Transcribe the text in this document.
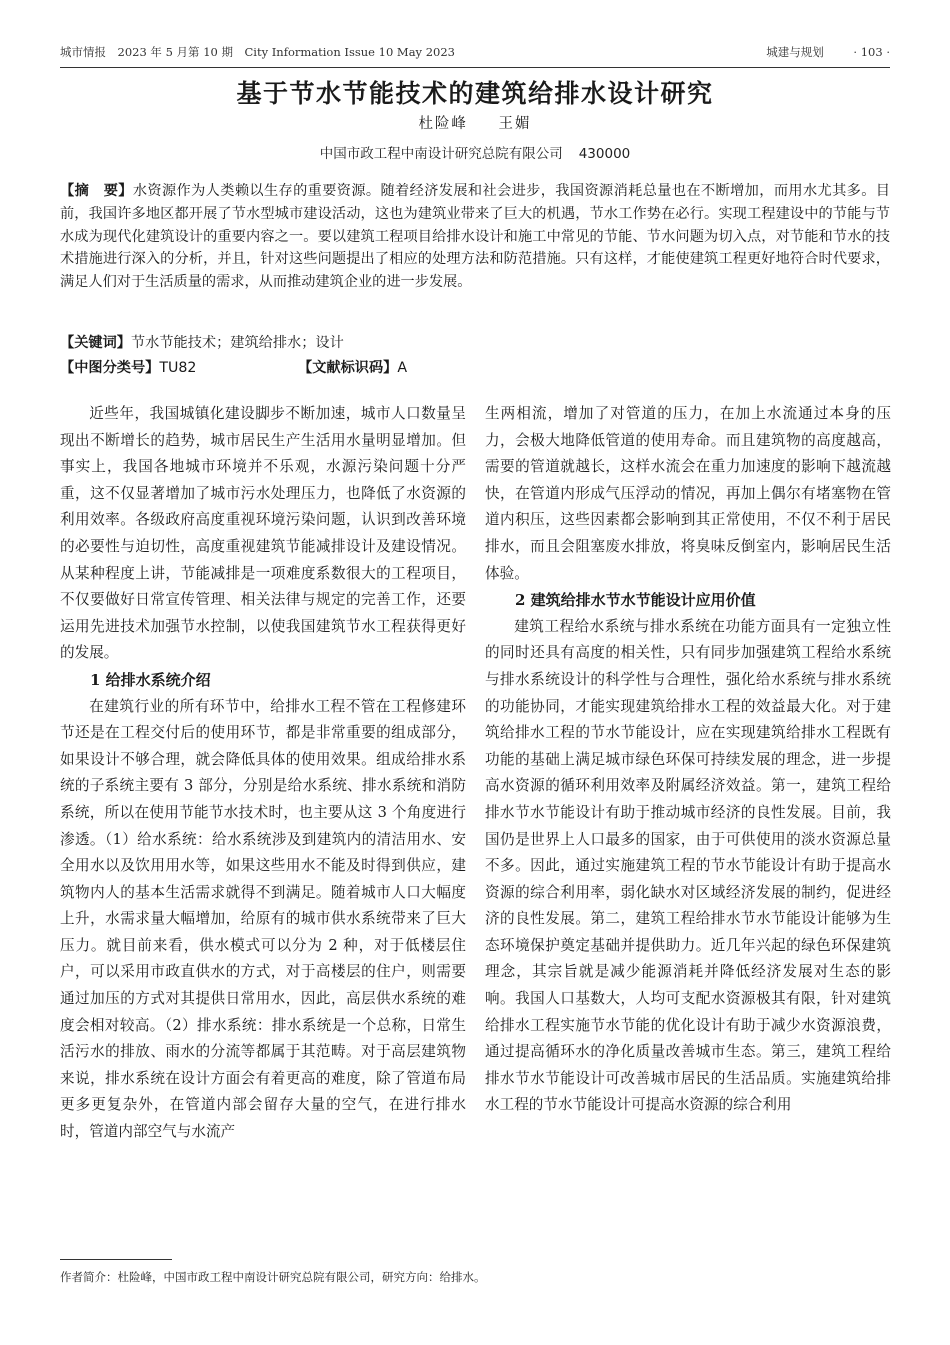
城市情报　2023 年 5 月第 10 期　City Information Issue 10 May 2023	城建与规划	· 103 ·
基于节水节能技术的建筑给排水设计研究
杜险峰 王媚
中国市政工程中南设计研究总院有限公司 430000
【摘　要】水资源作为人类赖以生存的重要资源。随着经济发展和社会进步，我国资源消耗总量也在不断增加，而用水尤其多。目前，我国许多地区都开展了节水型城市建设活动，这也为建筑业带来了巨大的机遇，节水工作势在必行。实现工程建设中的节能与节水成为现代化建筑设计的重要内容之一。要以建筑工程项目给排水设计和施工中常见的节能、节水问题为切入点，对节能和节水的技术措施进行深入的分析，并且，针对这些问题提出了相应的处理方法和防范措施。只有这样，才能使建筑工程更好地符合时代要求，满足人们对于生活质量的需求，从而推动建筑企业的进一步发展。
【关键词】节水节能技术；建筑给排水；设计
【中图分类号】TU82	【文献标识码】A

近些年，我国城镇化建设脚步不断加速，城市人口数量呈现出不断增长的趋势，城市居民生产生活用水量明显增加。但事实上，我国各地城市环境并不乐观，水源污染问题十分严重，这不仅显著增加了城市污水处理压力，也降低了水资源的利用效率。各级政府高度重视环境污染问题，认识到改善环境的必要性与迫切性，高度重视建筑节能减排设计及建设情况。从某种程度上讲，节能减排是一项难度系数很大的工程项目，不仅要做好日常宣传管理、相关法律与规定的完善工作，还要运用先进技术加强节水控制，以使我国建筑节水工程获得更好的发展。

1 给排水系统介绍

在建筑行业的所有环节中，给排水工程不管在工程修建环节还是在工程交付后的使用环节，都是非常重要的组成部分，如果设计不够合理，就会降低具体的使用效果。组成给排水系统的子系统主要有 3 部分，分别是给水系统、排水系统和消防系统，所以在使用节能节水技术时，也主要从这 3 个角度进行渗透。（1）给水系统：给水系统涉及到建筑内的清洁用水、安全用水以及饮用用水等，如果这些用水不能及时得到供应，建筑物内人的基本生活需求就得不到满足。随着城市人口大幅度上升，水需求量大幅增加，给原有的城市供水系统带来了巨大压力。就目前来看，供水模式可以分为 2 种，对于低楼层住户，可以采用市政直供水的方式，对于高楼层的住户，则需要通过加压的方式对其提供日常用水，因此，高层供水系统的难度会相对较高。（2）排水系统：排水系统是一个总称，日常生活污水的排放、雨水的分流等都属于其范畴。对于高层建筑物来说，排水系统在设计方面会有着更高的难度，除了管道布局更多更复杂外，在管道内部会留存大量的空气，在进行排水时，管道内部空气与水流产

生两相流，增加了对管道的压力，在加上水流通过本身的压力，会极大地降低管道的使用寿命。而且建筑物的高度越高，需要的管道就越长，这样水流会在重力加速度的影响下越流越快，在管道内形成气压浮动的情况，再加上偶尔有堵塞物在管道内积压，这些因素都会影响到其正常使用，不仅不利于居民排水，而且会阻塞废水排放，将臭味反倒室内，影响居民生活体验。

2 建筑给排水节水节能设计应用价值

建筑工程给水系统与排水系统在功能方面具有一定独立性的同时还具有高度的相关性，只有同步加强建筑工程给水系统与排水系统设计的科学性与合理性，强化给水系统与排水系统的功能协同，才能实现建筑给排水工程的效益最大化。对于建筑给排水工程的节水节能设计，应在实现建筑给排水工程既有功能的基础上满足城市绿色环保可持续发展的理念，进一步提高水资源的循环利用效率及附属经济效益。第一，建筑工程给排水节水节能设计有助于推动城市经济的良性发展。目前，我国仍是世界上人口最多的国家，由于可供使用的淡水资源总量不多。因此，通过实施建筑工程的节水节能设计有助于提高水资源的综合利用率，弱化缺水对区域经济发展的制约，促进经济的良性发展。第二，建筑工程给排水节水节能设计能够为生态环境保护奠定基础并提供助力。近几年兴起的绿色环保建筑理念，其宗旨就是减少能源消耗并降低经济发展对生态的影响。我国人口基数大，人均可支配水资源极其有限，针对建筑给排水工程实施节水节能的优化设计有助于减少水资源浪费，通过提高循环水的净化质量改善城市生态。第三，建筑工程给排水节水节能设计可改善城市居民的生活品质。实施建筑给排水工程的节水节能设计可提高水资源的综合利用

作者简介：杜险峰，中国市政工程中南设计研究总院有限公司，研究方向：给排水。
